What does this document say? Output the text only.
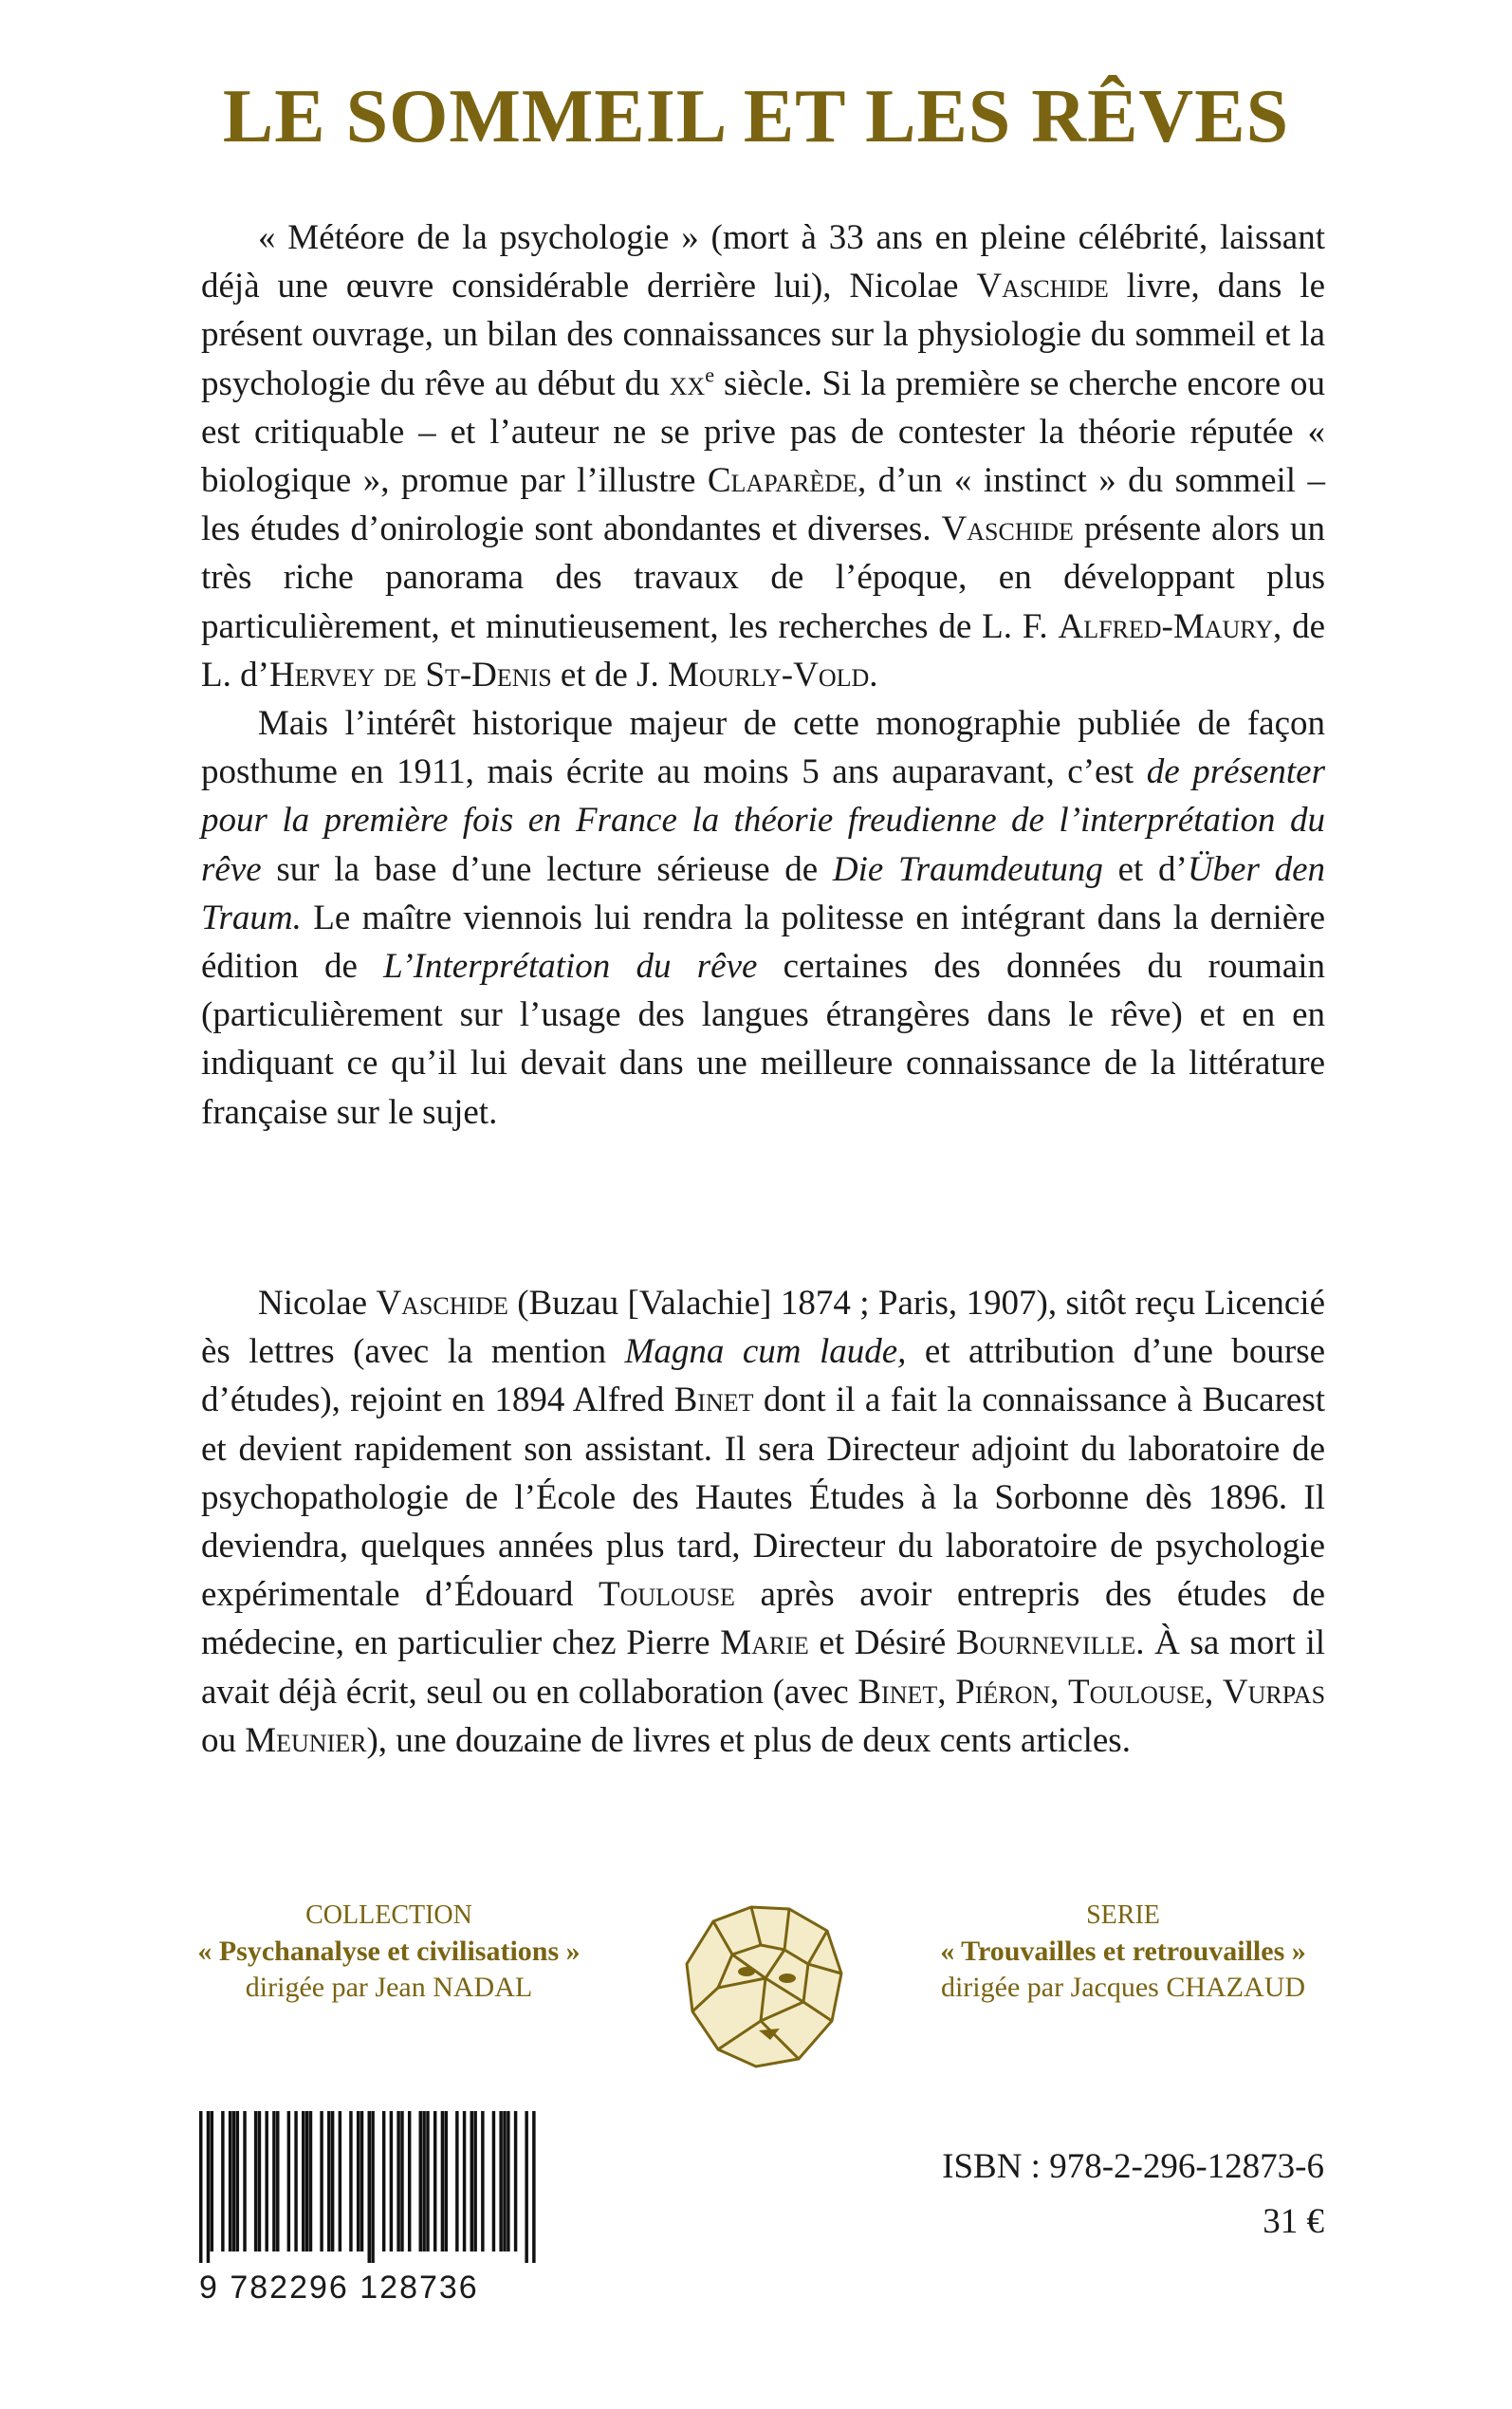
LE SOMMEIL ET LES RÊVES

« Météore de la psychologie » (mort à 33 ans en pleine célébrité, laissant déjà une œuvre considérable derrière lui), Nicolae Vaschide livre, dans le présent ouvrage, un bilan des connaissances sur la physiologie du sommeil et la psychologie du rêve au début du $xx^e$ siècle. Si la première se cherche encore ou est critiquable – et l’auteur ne se prive pas de contester la théorie réputée « biologique », promue par l’illustre Claparède, d’un « instinct » du sommeil – les études d’onirologie sont abondantes et diverses. Vaschide présente alors un très riche panorama des travaux de l’époque, en développant plus particulièrement, et minutieusement, les recherches de L. F. Alfred-Maury, de L. d’Hervey de St-Denis et de J. Mourly-Vold.

Mais l’intérêt historique majeur de cette monographie publiée de façon posthume en 1911, mais écrite au moins 5 ans auparavant, c’est de présenter pour la première fois en France la théorie freudienne de l’interprétation du rêve sur la base d’une lecture sérieuse de Die Traumdeutung et d’Über den Traum. Le maître viennois lui rendra la politesse en intégrant dans la dernière édition de L’Interprétation du rêve certaines des données du roumain (particulièrement sur l’usage des langues étrangères dans le rêve) et en en indiquant ce qu’il lui devait dans une meilleure connaissance de la littérature française sur le sujet.

Nicolae Vaschide (Buzau [Valachie] 1874 ; Paris, 1907), sitôt reçu Licencié ès lettres (avec la mention Magna cum laude, et attribution d’une bourse d’études), rejoint en 1894 Alfred Binet dont il a fait la connaissance à Bucarest et devient rapidement son assistant. Il sera Directeur adjoint du laboratoire de psychopathologie de l’École des Hautes Études à la Sorbonne dès 1896. Il deviendra, quelques années plus tard, Directeur du laboratoire de psychologie expérimentale d’Édouard Toulouse après avoir entrepris des études de médecine, en particulier chez Pierre Marie et Désiré Bourneville. À sa mort il avait déjà écrit, seul ou en collaboration (avec Binet, Piéron, Toulouse, Vurpas ou Meunier), une douzaine de livres et plus de deux cents articles.

COLLECTION
« Psychanalyse et civilisations »
dirigée par Jean NADAL
SERIE
« Trouvailles et retrouvailles »
dirigée par Jacques CHAZAUD
9 782296 128736
ISBN : 978-2-296-12873-6
31 €
